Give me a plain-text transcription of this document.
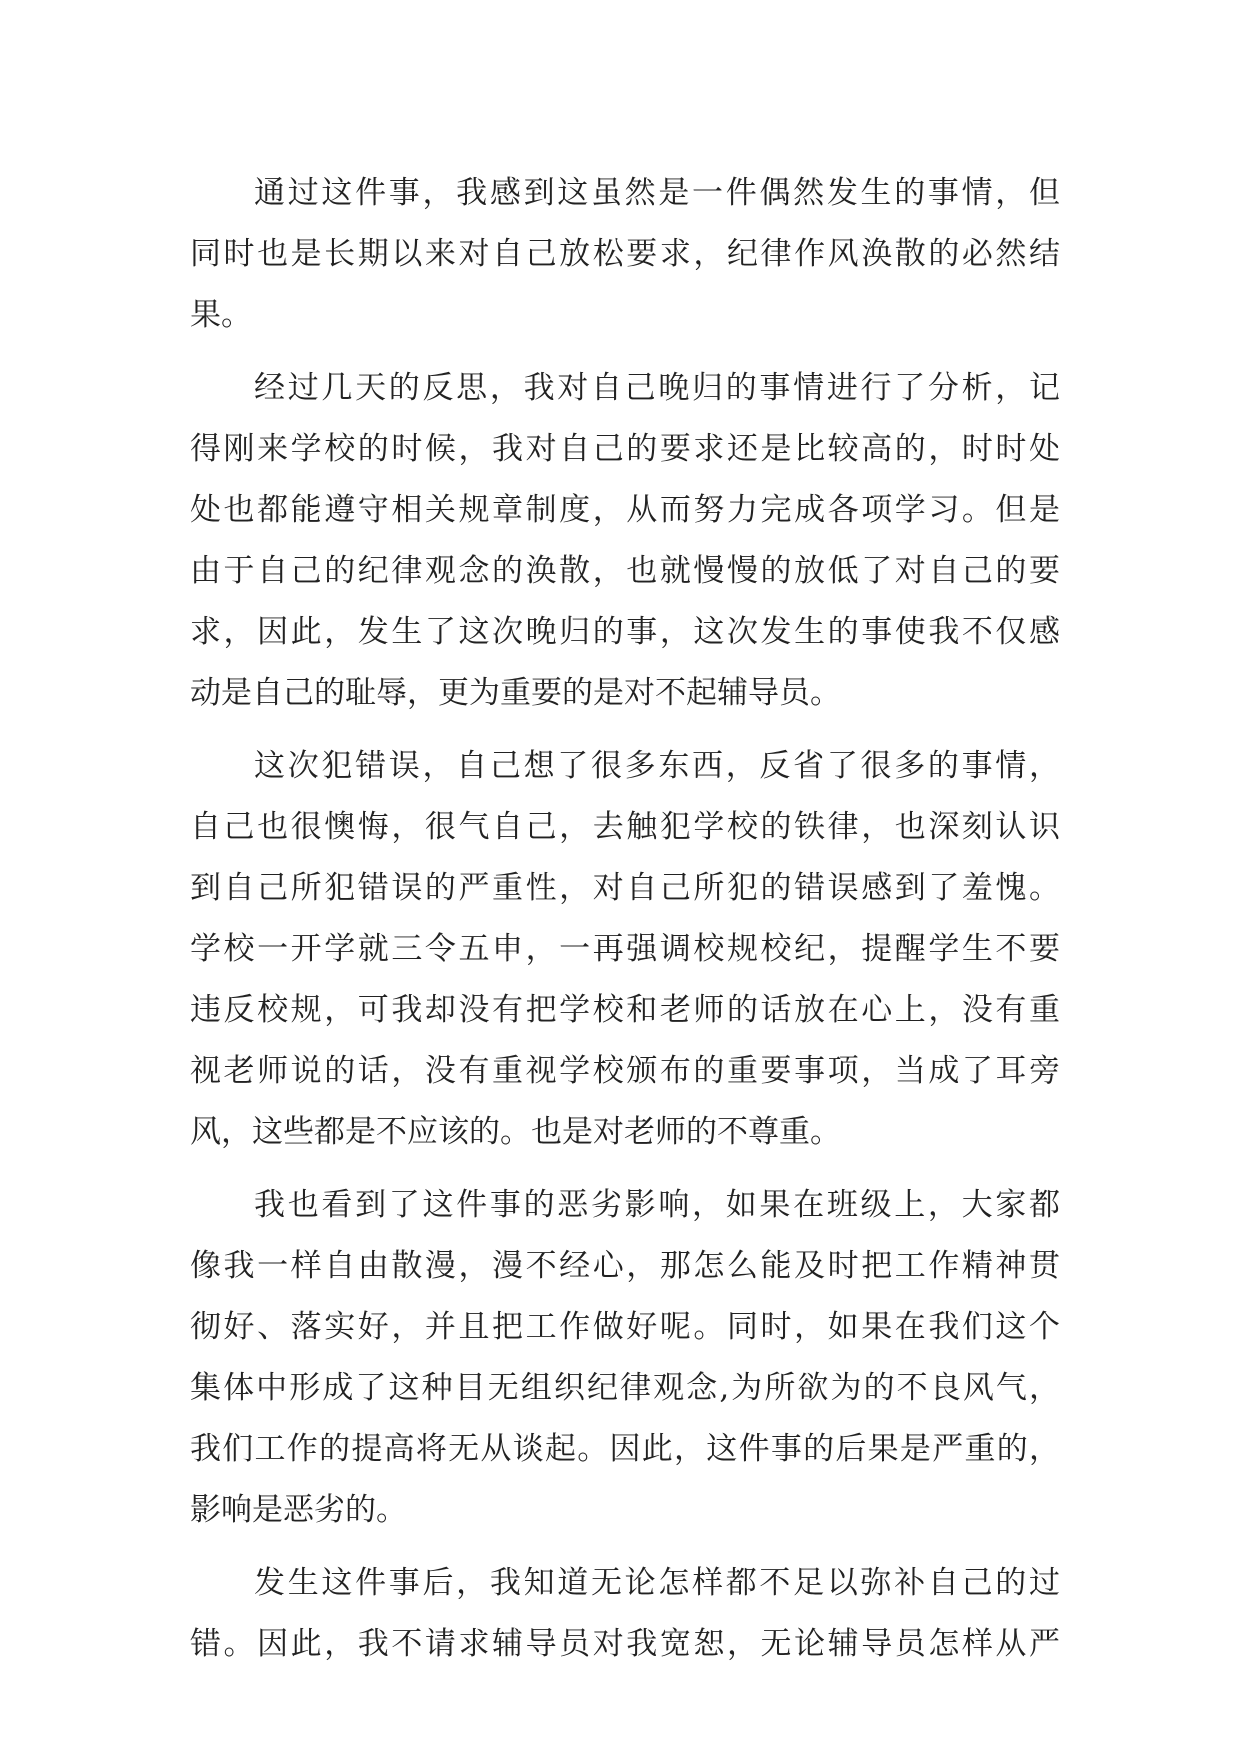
通过这件事，我感到这虽然是一件偶然发生的事情，但
同时也是长期以来对自己放松要求，纪律作风涣散的必然结
果。
经过几天的反思，我对自己晚归的事情进行了分析，记
得刚来学校的时候，我对自己的要求还是比较高的，时时处
处也都能遵守相关规章制度，从而努力完成各项学习。但是
由于自己的纪律观念的涣散，也就慢慢的放低了对自己的要
求，因此，发生了这次晚归的事，这次发生的事使我不仅感
动是自己的耻辱，更为重要的是对不起辅导员。
这次犯错误，自己想了很多东西，反省了很多的事情，
自己也很懊悔，很气自己，去触犯学校的铁律，也深刻认识
到自己所犯错误的严重性，对自己所犯的错误感到了羞愧。
学校一开学就三令五申，一再强调校规校纪，提醒学生不要
违反校规，可我却没有把学校和老师的话放在心上，没有重
视老师说的话，没有重视学校颁布的重要事项，当成了耳旁
风，这些都是不应该的。也是对老师的不尊重。
我也看到了这件事的恶劣影响，如果在班级上，大家都
像我一样自由散漫，漫不经心，那怎么能及时把工作精神贯
彻好、落实好，并且把工作做好呢。同时，如果在我们这个
集体中形成了这种目无组织纪律观念,为所欲为的不良风气，
我们工作的提高将无从谈起。因此，这件事的后果是严重的，
影响是恶劣的。
发生这件事后，我知道无论怎样都不足以弥补自己的过
错。因此，我不请求辅导员对我宽恕，无论辅导员怎样从严
